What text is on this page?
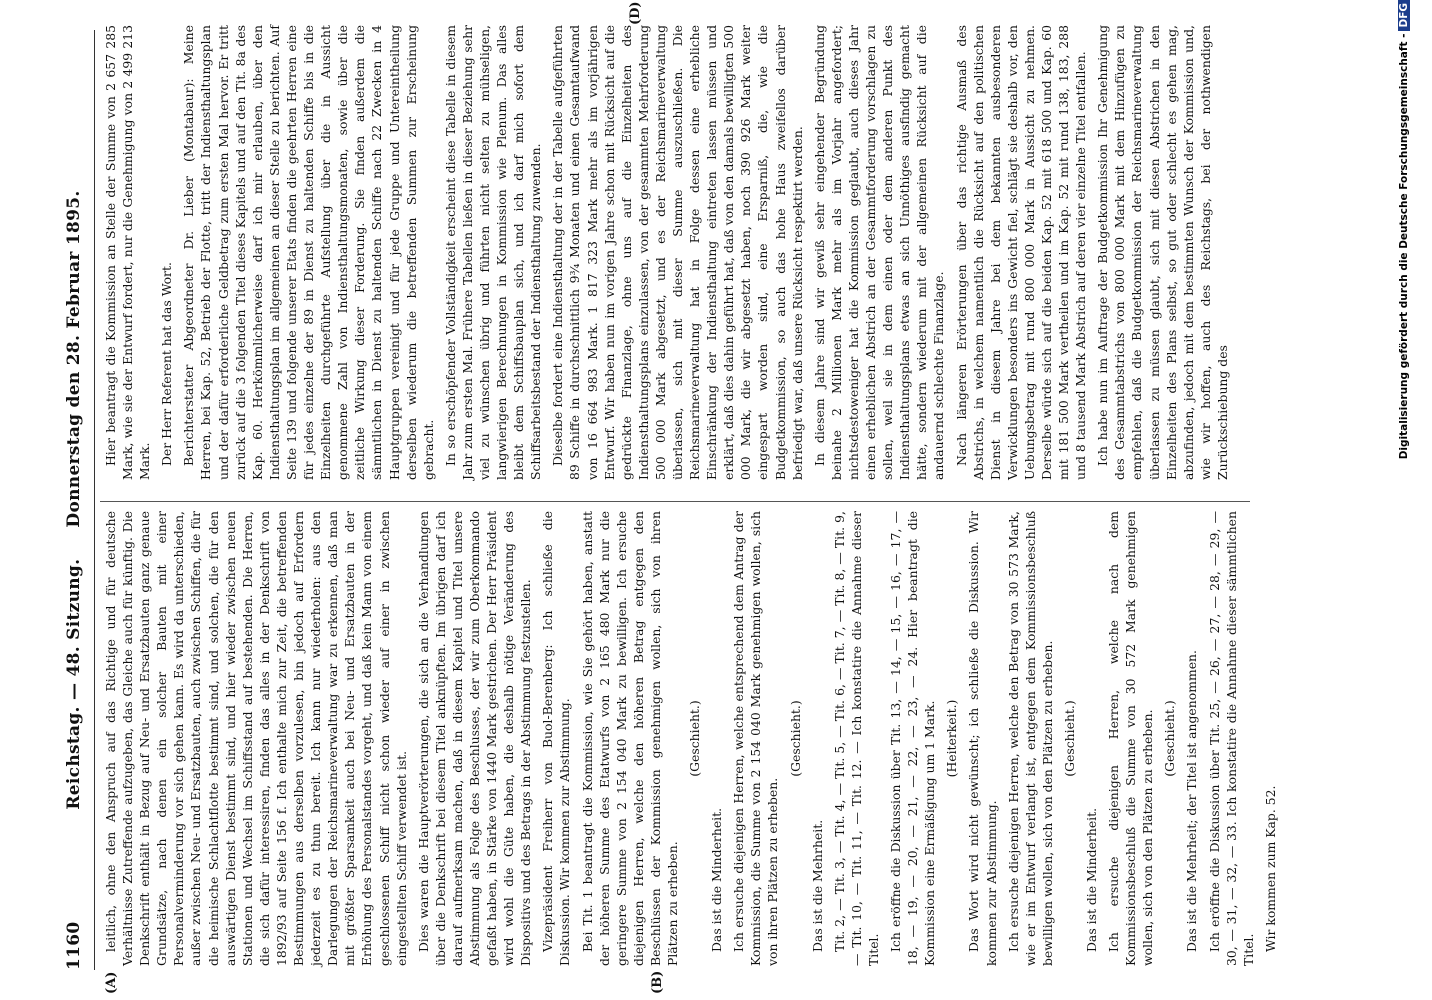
1160
Reichstag. — 48. Sitzung.     Donnerstag den 28. Februar 1895.
(A)	(B)
(D)

leitlich, ohne den Anspruch auf das Richtige und für deutsche Verhältnisse Zutreffende aufzugeben, das Gleiche auch für künftig. Die Denkschrift enthält in Bezug auf Neu- und Ersatzbauten ganz genaue Grundsätze, nach denen ein solcher Bauten mit einer Personalverminderung vor sich gehen kann. Es wird da unterschieden, außer zwischen Neu- und Ersatzbauten, auch zwischen Schiffen, die für die heimische Schlachtflotte bestimmt sind, und solchen, die für den auswärtigen Dienst bestimmt sind, und hier wieder zwischen neuen Stationen und Wechsel im Schiffsstand auf bestehenden. Die Herren, die sich dafür interessiren, finden das alles in der Denkschrift von 1892/93 auf Seite 156 f. Ich enthalte mich zur Zeit, die betreffenden Bestimmungen aus derselben vorzulesen, bin jedoch auf Erfordern jederzeit es zu thun bereit. Ich kann nur wiederholen: aus den Darlegungen der Reichsmarineverwaltung war zu erkennen, daß man mit größter Sparsamkeit auch bei Neu- und Ersatzbauten in der Erhöhung des Personalstandes vorgeht, und daß kein Mann von einem geschlossenen Schiff nicht schon wieder auf einer in zwischen eingestellten Schiff verwendet ist. Dies waren die Hauptverörterungen, die sich an die Verhandlungen über die Denkschrift bei diesem Titel anknüpften. Im übrigen darf ich darauf aufmerksam machen, daß in diesem Kapitel und Titel unsere Abstimmung als Folge des Beschlusses, der wir zum Oberkommando gefaßt haben, in Stärke von 1440 Mark gestrichen. Der Herr Präsident wird wohl die Güte haben, die deshalb nötige Veränderung des Dispositivs und des Betrags in der Abstimmung festzustellen. Vizepräsident Freiherr von Buol-Berenberg: Ich schließe die Diskussion. Wir kommen zur Abstimmung. Bei Tit. 1 beantragt die Kommission, wie Sie gehört haben, anstatt der höheren Summe des Etatwurfs von 2 165 480 Mark nur die geringere Summe von 2 154 040 Mark zu bewilligen. Ich ersuche diejenigen Herren, welche den höheren Betrag entgegen den Beschlüssen der Kommission genehmigen wollen, sich von ihren Plätzen zu erheben.

(Geschieht.)

Das ist die Minderheit. Ich ersuche diejenigen Herren, welche entsprechend dem Antrag der Kommission, die Summe von 2 154 040 Mark genehmigen wollen, sich von ihren Plätzen zu erheben.

(Geschieht.)

Das ist die Mehrheit. Tit. 2, — Tit. 3, — Tit. 4, — Tit. 5, — Tit. 6, — Tit. 7, — Tit. 8, — Tit. 9, — Tit. 10, — Tit. 11, — Tit. 12. — Ich konstatire die Annahme dieser Titel. Ich eröffne die Diskussion über Tit. 13, — 14, — 15, — 16, — 17, — 18, — 19, — 20, — 21, — 22, — 23, — 24. Hier beantragt die Kommission eine Ermäßigung um 1 Mark. (Heiterkeit.) Das Wort wird nicht gewünscht; ich schließe die Diskussion. Wir kommen zur Abstimmung. Ich ersuche diejenigen Herren, welche den Betrag von 30 573 Mark, wie er im Entwurf verlangt ist, entgegen dem Kommissionsbeschluß bewilligen wollen, sich von den Plätzen zu erheben. (Geschieht.)

Das ist die Minderheit. Ich ersuche diejenigen Herren, welche nach dem Kommissionsbeschluß die Summe von 30 572 Mark genehmigen wollen, sich von den Plätzen zu erheben. (Geschieht.) Das ist die Mehrheit; der Titel ist angenommen. Ich eröffne die Diskussion über Tit. 25, — 26, — 27, — 28, — 29, — 30, — 31, — 32, — 33. Ich konstatire die Annahme dieser sämmtlichen Titel. Wir kommen zum Kap. 52.

Hier beantragt die Kommission an Stelle der Summe von 2 657 285 Mark, wie sie der Entwurf fordert, nur die Genehmigung von 2 499 213 Mark. Der Herr Referent hat das Wort. Berichterstatter Abgeordneter Dr. Lieber (Montabaur): Meine Herren, bei Kap. 52, Betrieb der Flotte, tritt der Indiensthaltungsplan und der dafür erforderliche Geldbetrag zum ersten Mal hervor. Er tritt zurück auf die 3 folgenden Titel dieses Kapitels und auf den Tit. 8a des Kap. 60. Herkömmlicherweise darf ich mir erlauben, über den Indiensthaltungsplan im allgemeinen an dieser Stelle zu berichten. Auf Seite 139 und folgende unserer Etats finden die geehrten Herren eine für jedes einzelne der 89 in Dienst zu haltenden Schiffe bis in die Einzelheiten durchgeführte Aufstellung über die in Aussicht genommene Zahl von Indiensthaltungsmonaten, sowie über die zeitliche Wirkung dieser Forderung. Sie finden außerdem die sämmtlichen in Dienst zu haltenden Schiffe nach 22 Zwecken in 4 Hauptgruppen vereinigt und für jede Gruppe und Untereintheilung derselben wiederum die betreffenden Summen zur Erscheinung gebracht. In so erschöpfender Vollständigkeit erscheint diese Tabelle in diesem Jahr zum ersten Mal. Frühere Tabellen ließen in dieser Beziehung sehr viel zu wünschen übrig und führten nicht selten zu mühseligen, langwierigen Berechnungen in Kommission wie Plenum. Das alles bleibt dem Schiffsbauplan sich, und ich darf mich sofort dem Schiffsarbeitsbestand der Indiensthaltung zuwenden. Dieselbe fordert eine Indiensthaltung der in der Tabelle aufgeführten 89 Schiffe in durchschnittlich 9¾ Monaten und einen Gesamtaufwand von 16 664 983 Mark. 1 817 323 Mark mehr als im vorjährigen Entwurf. Wir haben nun im vorigen Jahre schon mit Rücksicht auf die gedrückte Finanzlage, ohne uns auf die Einzelheiten des Indiensthaltungsplans einzulassen, von der gesammten Mehrforderung 500 000 Mark abgesetzt, und es der Reichsmarineverwaltung überlassen, sich mit dieser Summe auszuschließen. Die Reichsmarineverwaltung hat in Folge dessen eine erhebliche Einschränkung der Indiensthaltung eintreten lassen müssen und erklärt, daß dies dahin geführt hat, daß von den damals bewilligten 500 000 Mark, die wir abgesetzt haben, noch 390 926 Mark weiter eingespart worden sind, eine Ersparniß, die, wie die Budgetkommission, so auch das hohe Haus zweifellos darüber befriedigt war, daß unsere Rücksicht respektirt werden. In diesem Jahre sind wir gewiß sehr eingehender Begründung beinahe 2 Millionen Mark mehr als im Vorjahr angefordert; nichtsdestoweniger hat die Kommission geglaubt, auch dieses Jahr einen erheblichen Abstrich an der Gesammtforderung vorschlagen zu sollen, weil sie in dem einen oder dem anderen Punkt des Indiensthaltungsplans etwas an sich Unnöthiges ausfindig gemacht hätte, sondern wiederum mit der allgemeinen Rücksicht auf die andauernd schlechte Finanzlage. Nach längeren Erörterungen über das richtige Ausmaß des Abstrichs, in welchem namentlich die Rücksicht auf den politischen Dienst in diesem Jahre bei dem bekannten ausbesonderen Verwicklungen besonders ins Gewicht fiel, schlägt sie deshalb vor, den Uebungsbetrag mit rund 800 000 Mark in Aussicht zu nehmen. Derselbe würde sich auf die beiden Kap. 52 mit 618 500 und Kap. 60 mit 181 500 Mark vertheilen und im Kap. 52 mit rund 138, 183, 288 und 8 tausend Mark Abstrich auf deren vier einzelne Titel entfallen. Ich habe nun im Auftrage der Budgetkommission Ihr Genehmigung des Gesammtabstrichs von 800 000 Mark mit dem Hinzufügen zu empfehlen, daß die Budgetkommission der Reichsmarineverwaltung überlassen zu müssen glaubt, sich mit diesen Abstrichen in den Einzelheiten des Plans selbst, so gut oder schlecht es gehen mag, abzufinden, jedoch mit dem bestimmten Wunsch der Kommission und, wie wir hoffen, auch des Reichstags, bei der nothwendigen Zurückschiebung des	Digitalisierung gefördert durch die Deutsche Forschungsgemeinschaft -DFG
